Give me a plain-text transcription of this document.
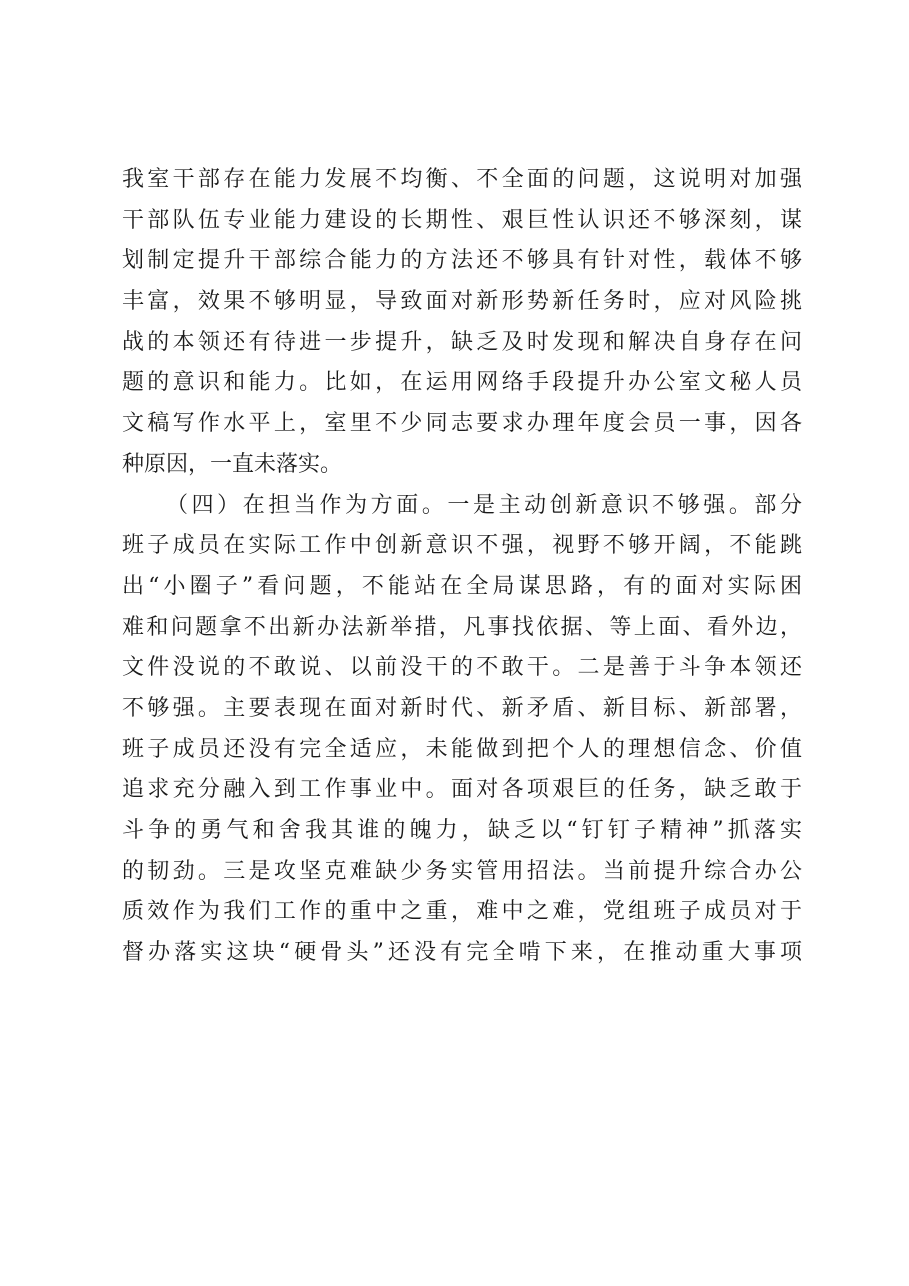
我室干部存在能力发展不均衡、不全面的问题，这说明对加强
干部队伍专业能力建设的长期性、艰巨性认识还不够深刻，谋
划制定提升干部综合能力的方法还不够具有针对性，载体不够
丰富，效果不够明显，导致面对新形势新任务时，应对风险挑
战的本领还有待进一步提升，缺乏及时发现和解决自身存在问
题的意识和能力。比如，在运用网络手段提升办公室文秘人员
文稿写作水平上，室里不少同志要求办理年度会员一事，因各
种原因，一直未落实。
（四）在担当作为方面。一是主动创新意识不够强。部分
班子成员在实际工作中创新意识不强，视野不够开阔，不能跳
出“小圈子”看问题，不能站在全局谋思路，有的面对实际困
难和问题拿不出新办法新举措，凡事找依据、等上面、看外边，
文件没说的不敢说、以前没干的不敢干。二是善于斗争本领还
不够强。主要表现在面对新时代、新矛盾、新目标、新部署，
班子成员还没有完全适应，未能做到把个人的理想信念、价值
追求充分融入到工作事业中。面对各项艰巨的任务，缺乏敢于
斗争的勇气和舍我其谁的魄力，缺乏以“钉钉子精神”抓落实
的韧劲。三是攻坚克难缺少务实管用招法。当前提升综合办公
质效作为我们工作的重中之重，难中之难，党组班子成员对于
督办落实这块“硬骨头”还没有完全啃下来，在推动重大事项
